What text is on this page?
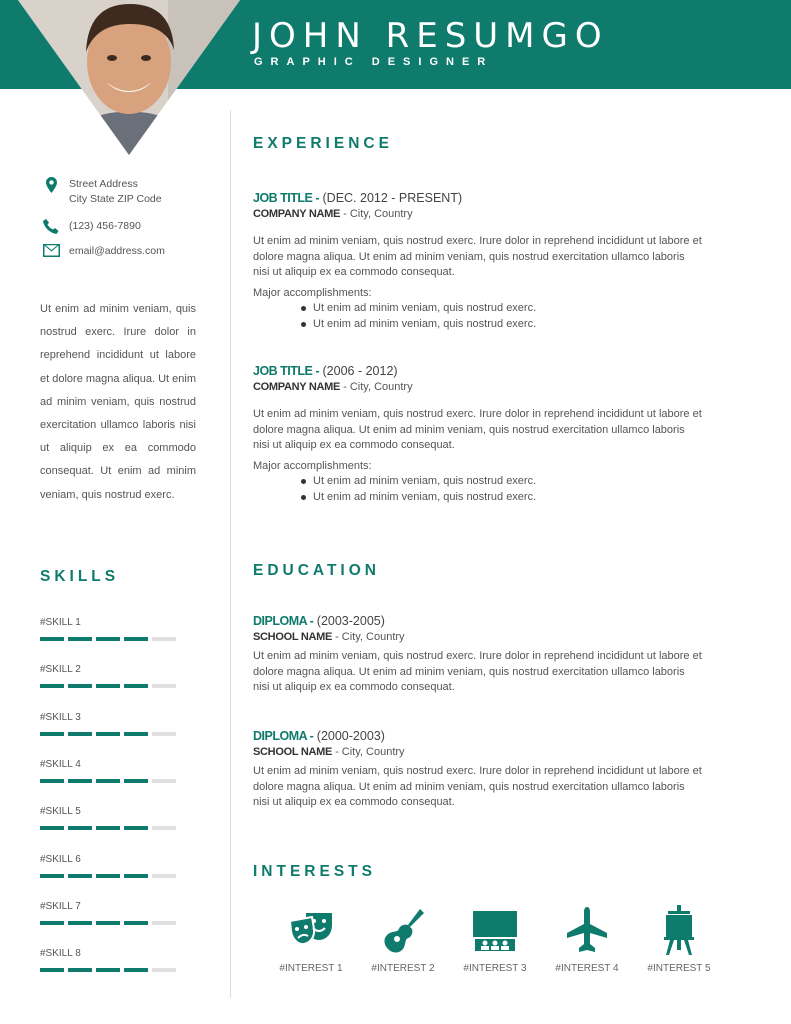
JOHN RESUMGO
GRAPHIC DESIGNER
Street Address
City State ZIP Code
(123) 456-7890
email@address.com
Ut enim ad minim veniam, quis nostrud exerc. Irure dolor in reprehend incididunt ut labore et dolore magna aliqua. Ut enim ad minim veniam, quis nostrud exercitation ullamco laboris nisi ut aliquip ex ea commodo consequat. Ut enim ad minim veniam, quis nostrud exerc.
SKILLS
#SKILL 1
#SKILL 2
#SKILL 3
#SKILL 4
#SKILL 5
#SKILL 6
#SKILL 7
#SKILL 8
EXPERIENCE
JOB TITLE - (DEC. 2012 - PRESENT)
COMPANY NAME - City, Country

Ut enim ad minim veniam, quis nostrud exerc. Irure dolor in reprehend incididunt ut labore et dolore magna aliqua. Ut enim ad minim veniam, quis nostrud exercitation ullamco laboris nisi ut aliquip ex ea commodo consequat.

Major accomplishments:
Ut enim ad minim veniam, quis nostrud exerc.
Ut enim ad minim veniam, quis nostrud exerc.
JOB TITLE - (2006 - 2012)
COMPANY NAME - City, Country

Ut enim ad minim veniam, quis nostrud exerc. Irure dolor in reprehend incididunt ut labore et dolore magna aliqua. Ut enim ad minim veniam, quis nostrud exercitation ullamco laboris nisi ut aliquip ex ea commodo consequat.

Major accomplishments:
Ut enim ad minim veniam, quis nostrud exerc.
Ut enim ad minim veniam, quis nostrud exerc.
EDUCATION
DIPLOMA - (2003-2005)
SCHOOL NAME - City, Country

Ut enim ad minim veniam, quis nostrud exerc. Irure dolor in reprehend incididunt ut labore et dolore magna aliqua. Ut enim ad minim veniam, quis nostrud exercitation ullamco laboris nisi ut aliquip ex ea commodo consequat.

DIPLOMA - (2000-2003)
SCHOOL NAME - City, Country

Ut enim ad minim veniam, quis nostrud exerc. Irure dolor in reprehend incididunt ut labore et dolore magna aliqua. Ut enim ad minim veniam, quis nostrud exercitation ullamco laboris nisi ut aliquip ex ea commodo consequat.

INTERESTS
#INTEREST 1	#INTEREST 2	#INTEREST 3	#INTEREST 4	#INTEREST 5
